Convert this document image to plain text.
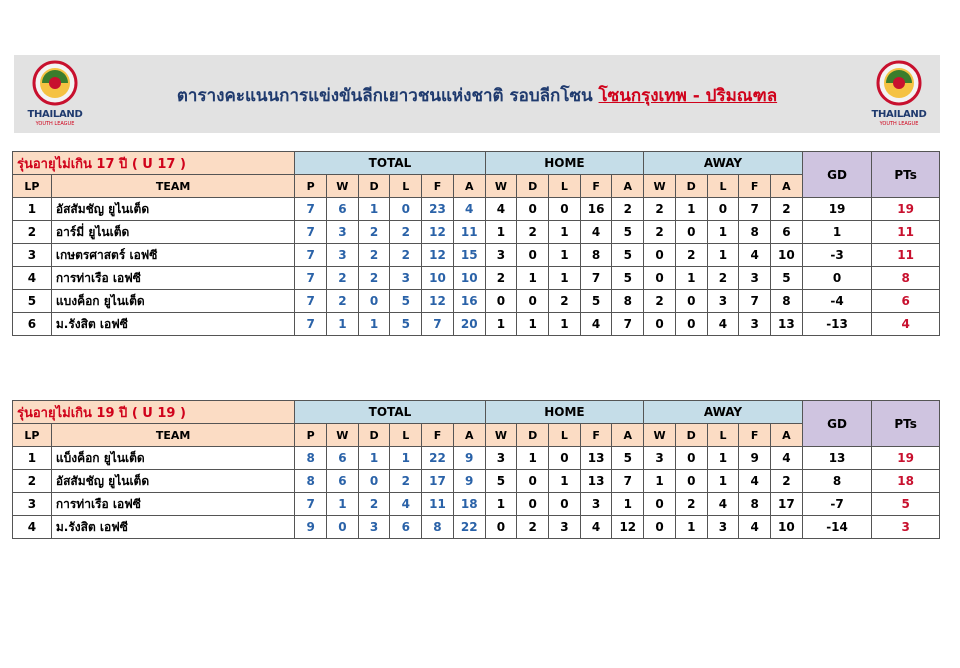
THAILAND
YOUTH LEAGUE
ตารางคะแนนการแข่งขันลีกเยาวชนแห่งชาติ รอบลีกโซน โซนกรุงเทพ - ปริมณฑล
THAILAND
YOUTH LEAGUE
รุ่นอายุไม่เกิน 17 ปี ( U 17 )		TOTAL						HOME					AWAY					GD	PTs
LP	TEAM	P	W	D	L	F	A	W	D	L	F	A	W	D	L	F	A		
1	อัสสัมชัญ ยูไนเต็ด	7	6	1	0	23	4	4	0	0	16	2	2	1	0	7	2	19	19
2	อาร์มี่ ยูไนเต็ด	7	3	2	2	12	11	1	2	1	4	5	2	0	1	8	6	1	11
3	เกษตรศาสตร์ เอฟซี	7	3	2	2	12	15	3	0	1	8	5	0	2	1	4	10	-3	11
4	การท่าเรือ เอฟซี	7	2	2	3	10	10	2	1	1	7	5	0	1	2	3	5	0	8
5	แบงค็อก ยูไนเต็ด	7	2	0	5	12	16	0	0	2	5	8	2	0	3	7	8	-4	6
6	ม.รังสิต เอฟซี	7	1	1	5	7	20	1	1	1	4	7	0	0	4	3	13	-13	4
รุ่นอายุไม่เกิน 19 ปี ( U 19 )		TOTAL						HOME					AWAY					GD	PTs
LP	TEAM	P	W	D	L	F	A	W	D	L	F	A	W	D	L	F	A		
1	แบ็งค็อก ยูไนเต็ด	8	6	1	1	22	9	3	1	0	13	5	3	0	1	9	4	13	19
2	อัสสัมชัญ ยูไนเต็ด	8	6	0	2	17	9	5	0	1	13	7	1	0	1	4	2	8	18
3	การท่าเรือ เอฟซี	7	1	2	4	11	18	1	0	0	3	1	0	2	4	8	17	-7	5
4	ม.รังสิต เอฟซี	9	0	3	6	8	22	0	2	3	4	12	0	1	3	4	10	-14	3
